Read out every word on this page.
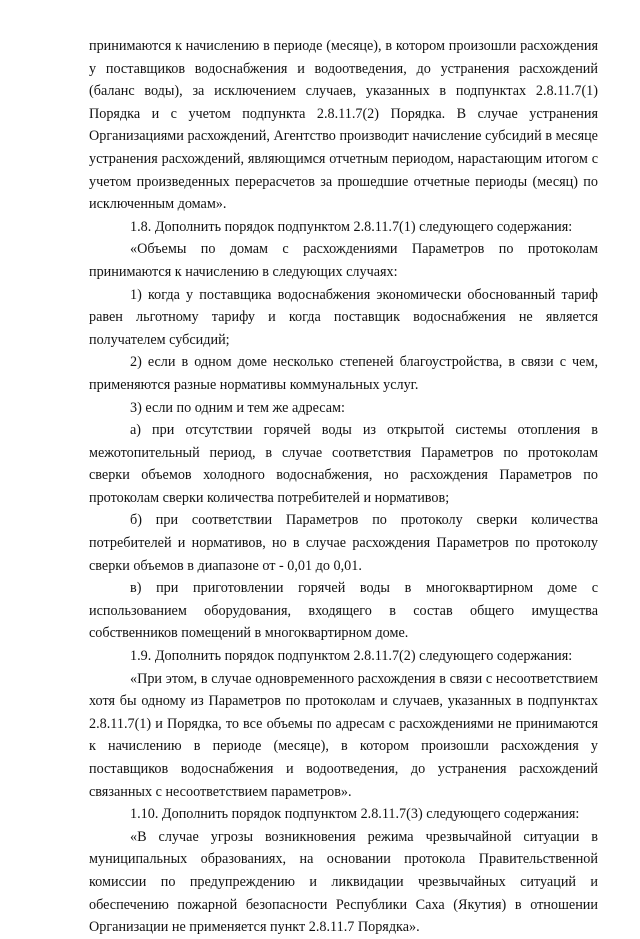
принимаются к начислению в периоде (месяце), в котором произошли расхождения у поставщиков водоснабжения и водоотведения, до устранения расхождений (баланс воды), за исключением случаев, указанных в подпунктах 2.8.11.7(1) Порядка и с учетом подпункта 2.8.11.7(2) Порядка. В случае устранения Организациями расхождений, Агентство производит начисление субсидий в месяце устранения расхождений, являющимся отчетным периодом, нарастающим итогом с учетом произведенных перерасчетов за прошедшие отчетные периоды (месяц) по исключенным домам».

1.8. Дополнить порядок подпунктом 2.8.11.7(1) следующего содержания:

«Объемы по домам с расхождениями Параметров по протоколам принимаются к начислению в следующих случаях:

1) когда у поставщика водоснабжения экономически обоснованный тариф равен льготному тарифу и когда поставщик водоснабжения не является получателем субсидий;

2) если в одном доме несколько степеней благоустройства, в связи с чем, применяются разные нормативы коммунальных услуг.

3) если по одним и тем же адресам:

а) при отсутствии горячей воды из открытой системы отопления в межотопительный период, в случае соответствия Параметров по протоколам сверки объемов холодного водоснабжения, но расхождения Параметров по протоколам сверки количества потребителей и нормативов;

б) при соответствии Параметров по протоколу сверки количества потребителей и нормативов, но в случае расхождения Параметров по протоколу сверки объемов в диапазоне от - 0,01 до 0,01.

в) при приготовлении горячей воды в многоквартирном доме с использованием оборудования, входящего в состав общего имущества собственников помещений в многоквартирном доме.

1.9. Дополнить порядок подпунктом 2.8.11.7(2) следующего содержания:

«При этом, в случае одновременного расхождения в связи с несоответствием хотя бы одному из Параметров по протоколам и случаев, указанных в подпунктах 2.8.11.7(1) и Порядка, то все объемы по адресам с расхождениями не принимаются к начислению в периоде (месяце), в котором произошли расхождения у поставщиков водоснабжения и водоотведения, до устранения расхождений связанных с несоответствием параметров».

1.10. Дополнить порядок подпунктом 2.8.11.7(3) следующего содержания:

«В случае угрозы возникновения режима чрезвычайной ситуации в муниципальных образованиях, на основании протокола Правительственной комиссии по предупреждению и ликвидации чрезвычайных ситуаций и обеспечению пожарной безопасности Республики Саха (Якутия) в отношении Организации не применяется пункт 2.8.11.7 Порядка».
